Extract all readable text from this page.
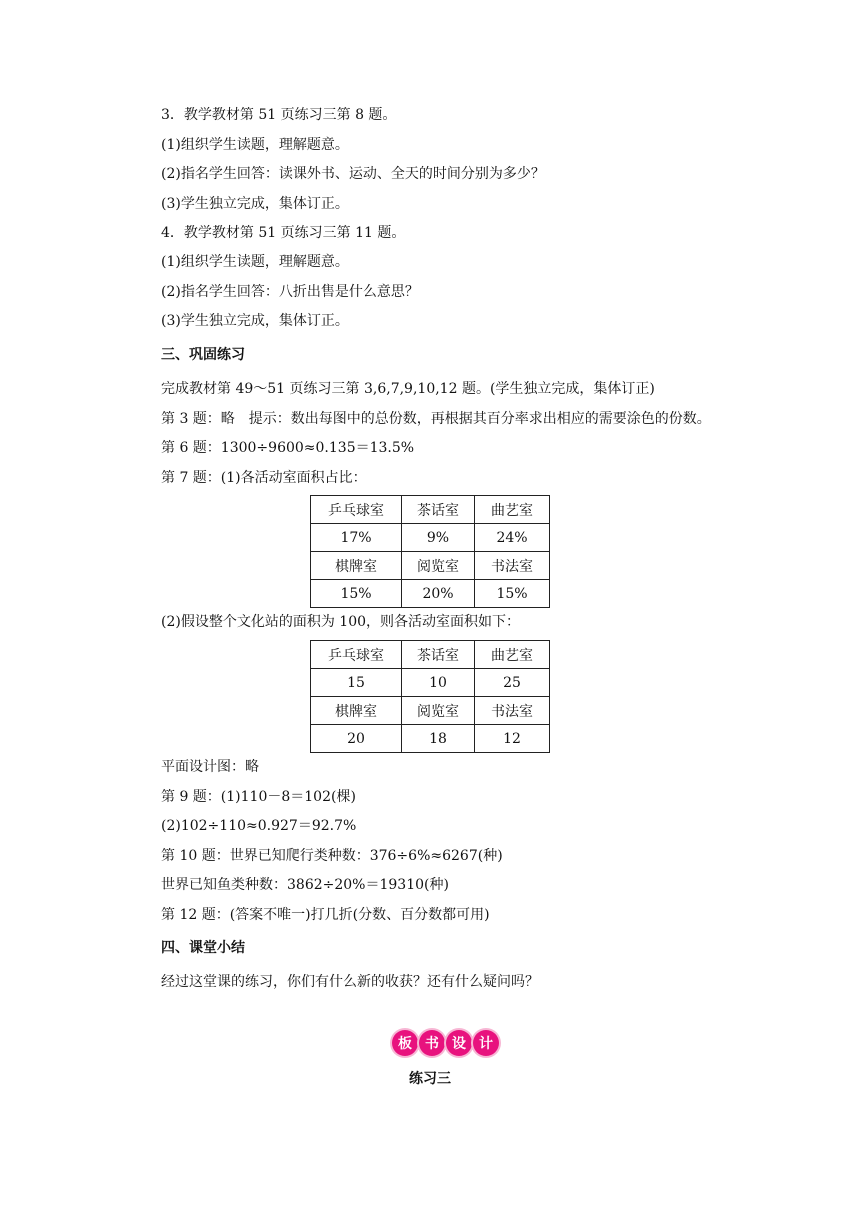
3．教学教材第 51 页练习三第 8 题。
(1)组织学生读题，理解题意。
(2)指名学生回答：读课外书、运动、全天的时间分别为多少？
(3)学生独立完成，集体订正。
4．教学教材第 51 页练习三第 11 题。
(1)组织学生读题，理解题意。
(2)指名学生回答：八折出售是什么意思？
(3)学生独立完成，集体订正。
三、巩固练习
完成教材第 49～51 页练习三第 3,6,7,9,10,12 题。(学生独立完成，集体订正)
第 3 题：略　提示：数出每图中的总份数，再根据其百分率求出相应的需要涂色的份数。
第 6 题：1300÷9600≈0.135＝13.5%
第 7 题：(1)各活动室面积占比：
乒乓球室	茶话室	曲艺室
17%	9%	24%
棋牌室	阅览室	书法室
15%	20%	15%
(2)假设整个文化站的面积为 100，则各活动室面积如下：
乒乓球室	茶话室	曲艺室
15	10	25
棋牌室	阅览室	书法室
20	18	12
平面设计图：略
第 9 题：(1)110－8＝102(棵)
(2)102÷110≈0.927＝92.7%
第 10 题：世界已知爬行类种数：376÷6%≈6267(种)
世界已知鱼类种数：3862÷20%＝19310(种)
第 12 题：(答案不唯一)打几折(分数、百分数都可用)
四、课堂小结
经过这堂课的练习，你们有什么新的收获？还有什么疑问吗？
板 书 设 计
练习三
